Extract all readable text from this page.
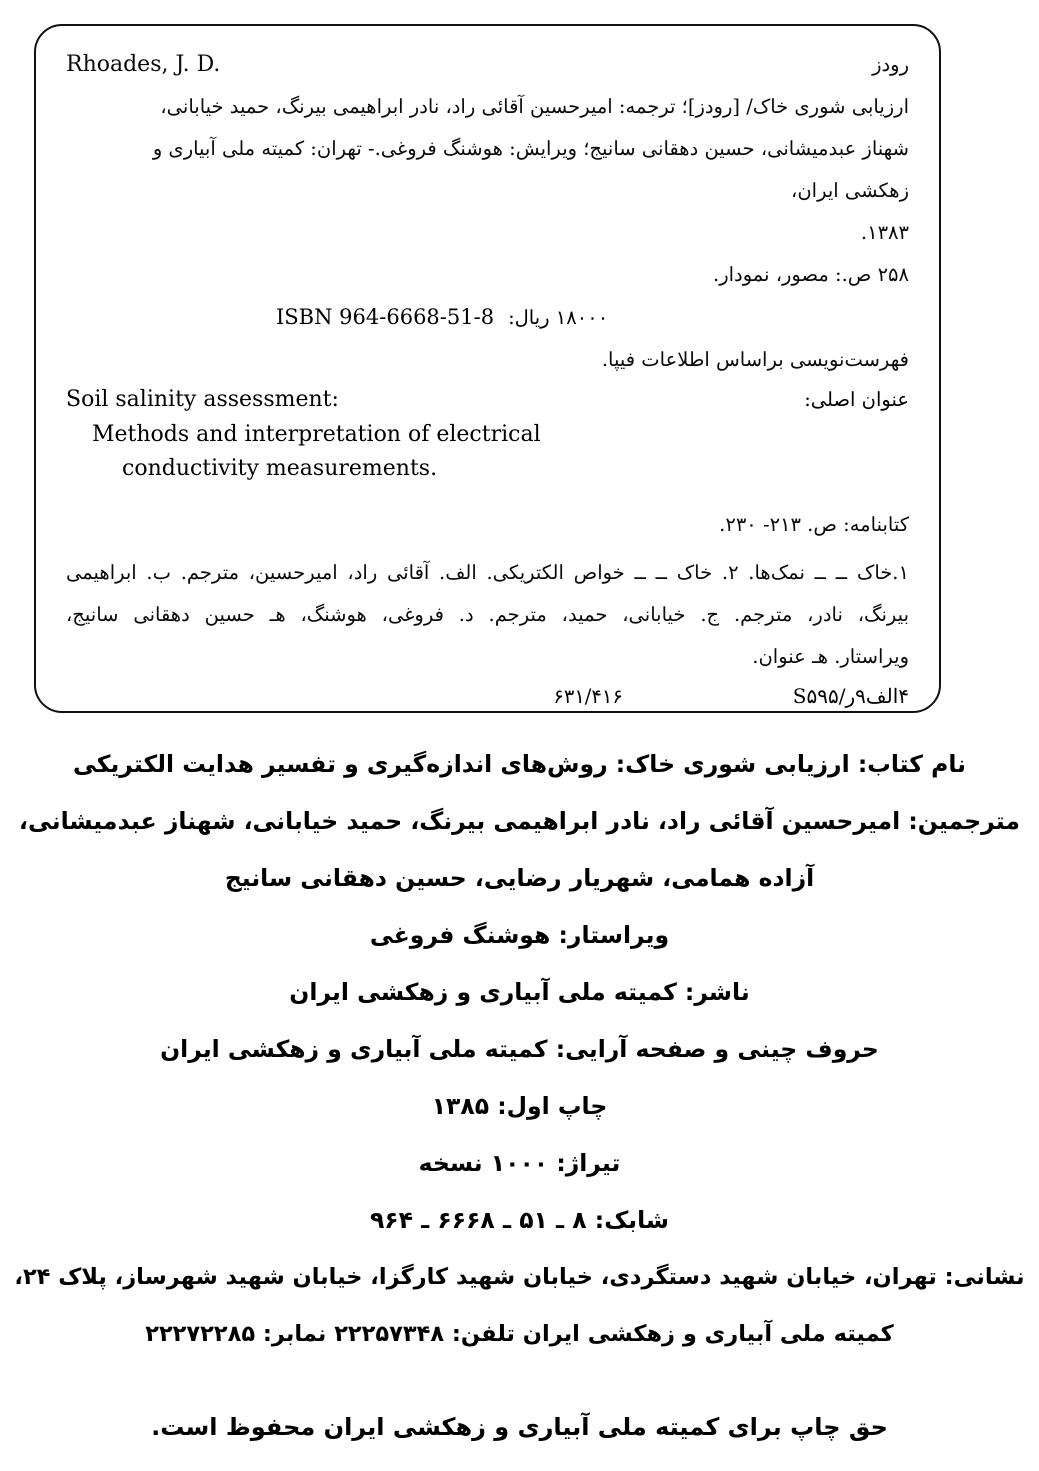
رودز
Rhoades, J. D.
ارزیابی شوری خاک/ [رودز]؛ ترجمه: امیرحسین آقائی راد، نادر ابراهیمی بیرنگ، حمید خیابانی،
شهناز عبدمیشانی، حسین دهقانی سانیج؛ ویرایش: هوشنگ فروغی.- تهران: کمیته ملی آبیاری و
زهکشی ایران،
۱۳۸۳.
۲۵۸ ص.: مصور، نمودار.
ISBN 964-6668-51-8 ۱۸۰۰۰ ریال:
فهرست‌نویسی براساس اطلاعات فیپا.
عنوان اصلی:
Soil salinity assessment:
Methods and interpretation of electrical
conductivity measurements.
کتابنامه: ص. ۲۱۳- ۲۳۰.
۱.خاک ــ ــ نمک‌ها. ۲. خاک ــ ــ خواص الکتریکی. الف. آقائی راد، امیرحسین، مترجم. ب. ابراهیمی
بیرنگ، نادر، مترجم. ج. خیابانی، حمید، مترجم. د. فروغی، هوشنگ، هـ حسین دهقانی سانیج،
ویراستار. هـ عنوان.
۴الف۹ر/S۵۹۵
۶۳۱/۴۱۶
نام کتاب: ارزیابی شوری خاک: روش‌های اندازه‌گیری و تفسیر هدایت الکتریکی
مترجمین: امیرحسین آقائی راد، نادر ابراهیمی بیرنگ، حمید خیابانی، شهناز عبدمیشانی،
آزاده همامی، شهریار رضایی، حسین دهقانی سانیج
ویراستار: هوشنگ فروغی
ناشر: کمیته ملی آبیاری و زهکشی ایران
حروف چینی و صفحه آرایی: کمیته ملی آبیاری و زهکشی ایران
چاپ اول: ۱۳۸۵
تیراژ: ۱۰۰۰ نسخه
شابک: ۸ ـ ۵۱ ـ ۶۶۶۸ ـ ۹۶۴
نشانی: تهران، خیابان شهید دستگردی، خیابان شهید کارگزا، خیابان شهید شهرساز، پلاک ۲۴،
کمیته ملی آبیاری و زهکشی ایران تلفن: ۲۲۲۵۷۳۴۸ نمابر: ۲۲۲۷۲۲۸۵
حق چاپ برای کمیته ملی آبیاری و زهکشی ایران محفوظ است.
